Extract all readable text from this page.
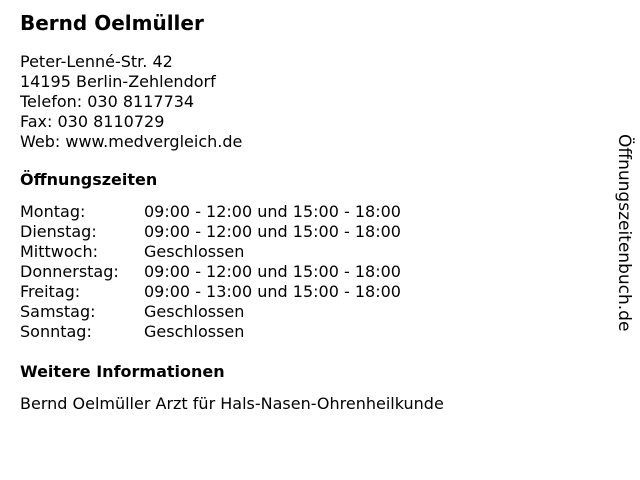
Bernd Oelmüller
Peter-Lenné-Str. 42
14195 Berlin-Zehlendorf
Telefon: 030 8117734
Fax: 030 8110729
Web: www.medvergleich.de
Öffnungszeiten
Montag:	09:00 - 12:00 und 15:00 - 18:00
Dienstag:	09:00 - 12:00 und 15:00 - 18:00
Mittwoch:	Geschlossen
Donnerstag:	09:00 - 12:00 und 15:00 - 18:00
Freitag:	09:00 - 13:00 und 15:00 - 18:00
Samstag:	Geschlossen
Sonntag:	Geschlossen
Weitere Informationen
Bernd Oelmüller Arzt für Hals-Nasen-Ohrenheilkunde
Öffnungszeitenbuch.de
